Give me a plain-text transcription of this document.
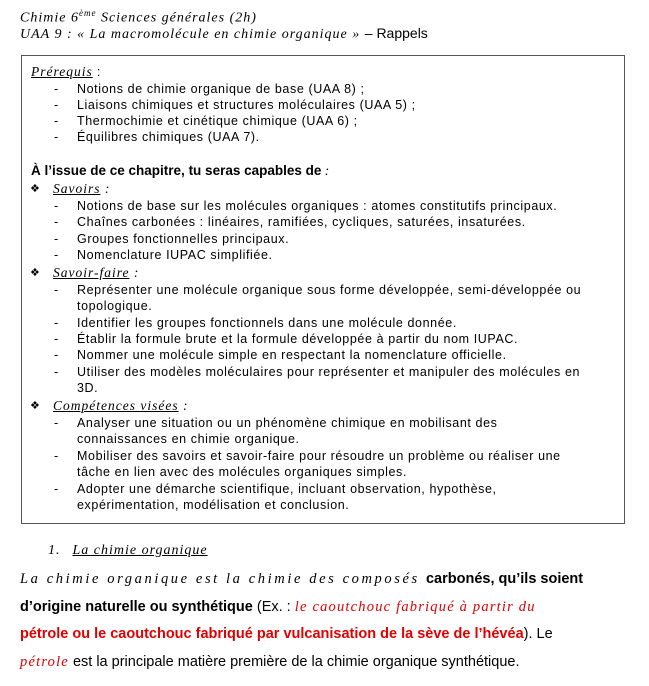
Chimie 6ème Sciences générales (2h)
UAA 9 : « La macromolécule en chimie organique » – Rappels
Prérequis :
- Notions de chimie organique de base (UAA 8) ;
- Liaisons chimiques et structures moléculaires (UAA 5) ;
- Thermochimie et cinétique chimique (UAA 6) ;
- Équilibres chimiques (UAA 7).
À l’issue de ce chapitre, tu seras capables de :
❖ Savoirs :
- Notions de base sur les molécules organiques : atomes constitutifs principaux.
- Chaînes carbonées : linéaires, ramifiées, cycliques, saturées, insaturées.
- Groupes fonctionnelles principaux.
- Nomenclature IUPAC simplifiée.
❖ Savoir-faire :
- Représenter une molécule organique sous forme développée, semi-développée ou
topologique.
- Identifier les groupes fonctionnels dans une molécule donnée.
- Établir la formule brute et la formule développée à partir du nom IUPAC.
- Nommer une molécule simple en respectant la nomenclature officielle.
- Utiliser des modèles moléculaires pour représenter et manipuler des molécules en
3D.
❖ Compétences visées :
- Analyser une situation ou un phénomène chimique en mobilisant des
connaissances en chimie organique.
- Mobiliser des savoirs et savoir-faire pour résoudre un problème ou réaliser une
tâche en lien avec des molécules organiques simples.
- Adopter une démarche scientifique, incluant observation, hypothèse,
expérimentation, modélisation et conclusion.
1. La chimie organique
La chimie organique est la chimie des composés carbonés, qu’ils soient
d’origine naturelle ou synthétique (Ex. : le caoutchouc fabriqué à partir du
pétrole ou le caoutchouc fabriqué par vulcanisation de la sève de l’hévéa). Le
pétrole est la principale matière première de la chimie organique synthétique.
